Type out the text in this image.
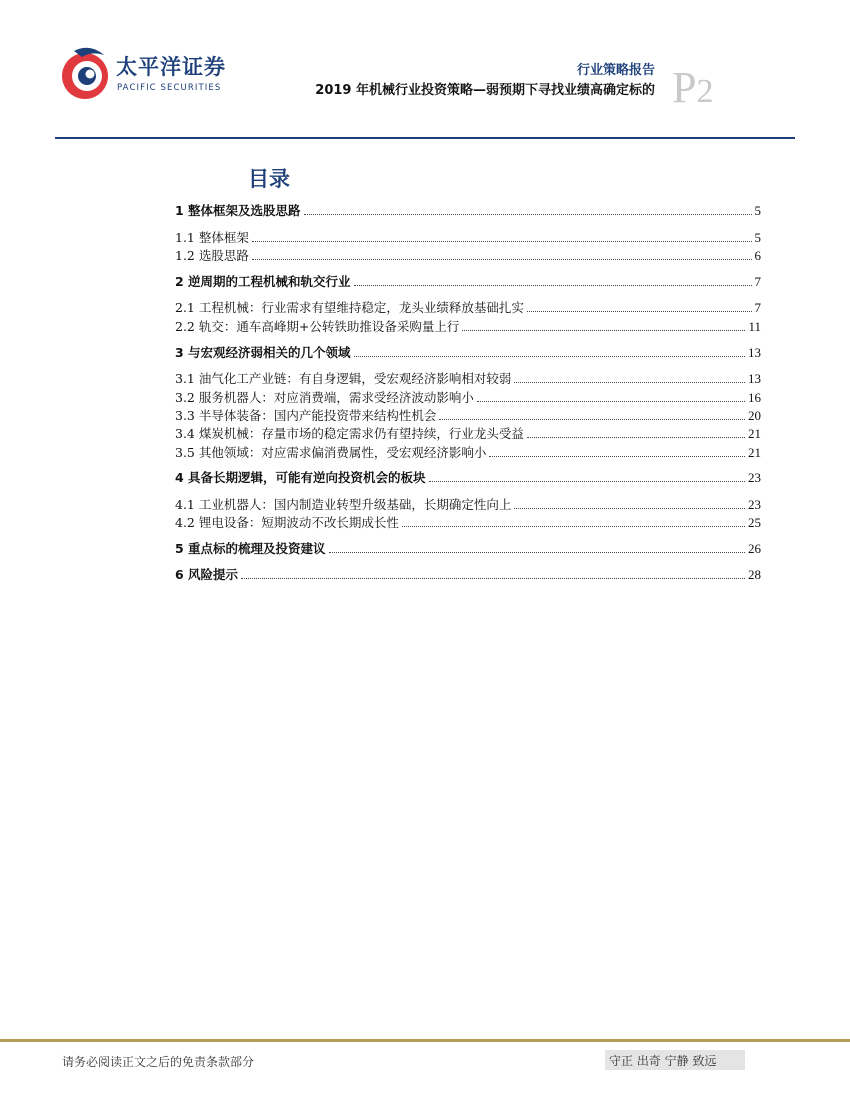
太平洋证券
PACIFIC SECURITIES
行业策略报告
2019 年机械行业投资策略—弱预期下寻找业绩高确定标的 P2
目录
1 整体框架及选股思路	5
1.1 整体框架	5
1.2 选股思路	6
2 逆周期的工程机械和轨交行业	7
2.1 工程机械：行业需求有望维持稳定，龙头业绩释放基础扎实	7
2.2 轨交：通车高峰期+公转铁助推设备采购量上行	11
3 与宏观经济弱相关的几个领域	13
3.1 油气化工产业链：有自身逻辑，受宏观经济影响相对较弱	13
3.2 服务机器人：对应消费端，需求受经济波动影响小	16
3.3 半导体装备：国内产能投资带来结构性机会	20
3.4 煤炭机械：存量市场的稳定需求仍有望持续，行业龙头受益	21
3.5 其他领域：对应需求偏消费属性，受宏观经济影响小	21
4 具备长期逻辑，可能有逆向投资机会的板块	23
4.1 工业机器人：国内制造业转型升级基础，长期确定性向上	23
4.2 锂电设备：短期波动不改长期成长性	25
5 重点标的梳理及投资建议	26
6 风险提示	28
请务必阅读正文之后的免责条款部分	守正 出奇 宁静 致远
